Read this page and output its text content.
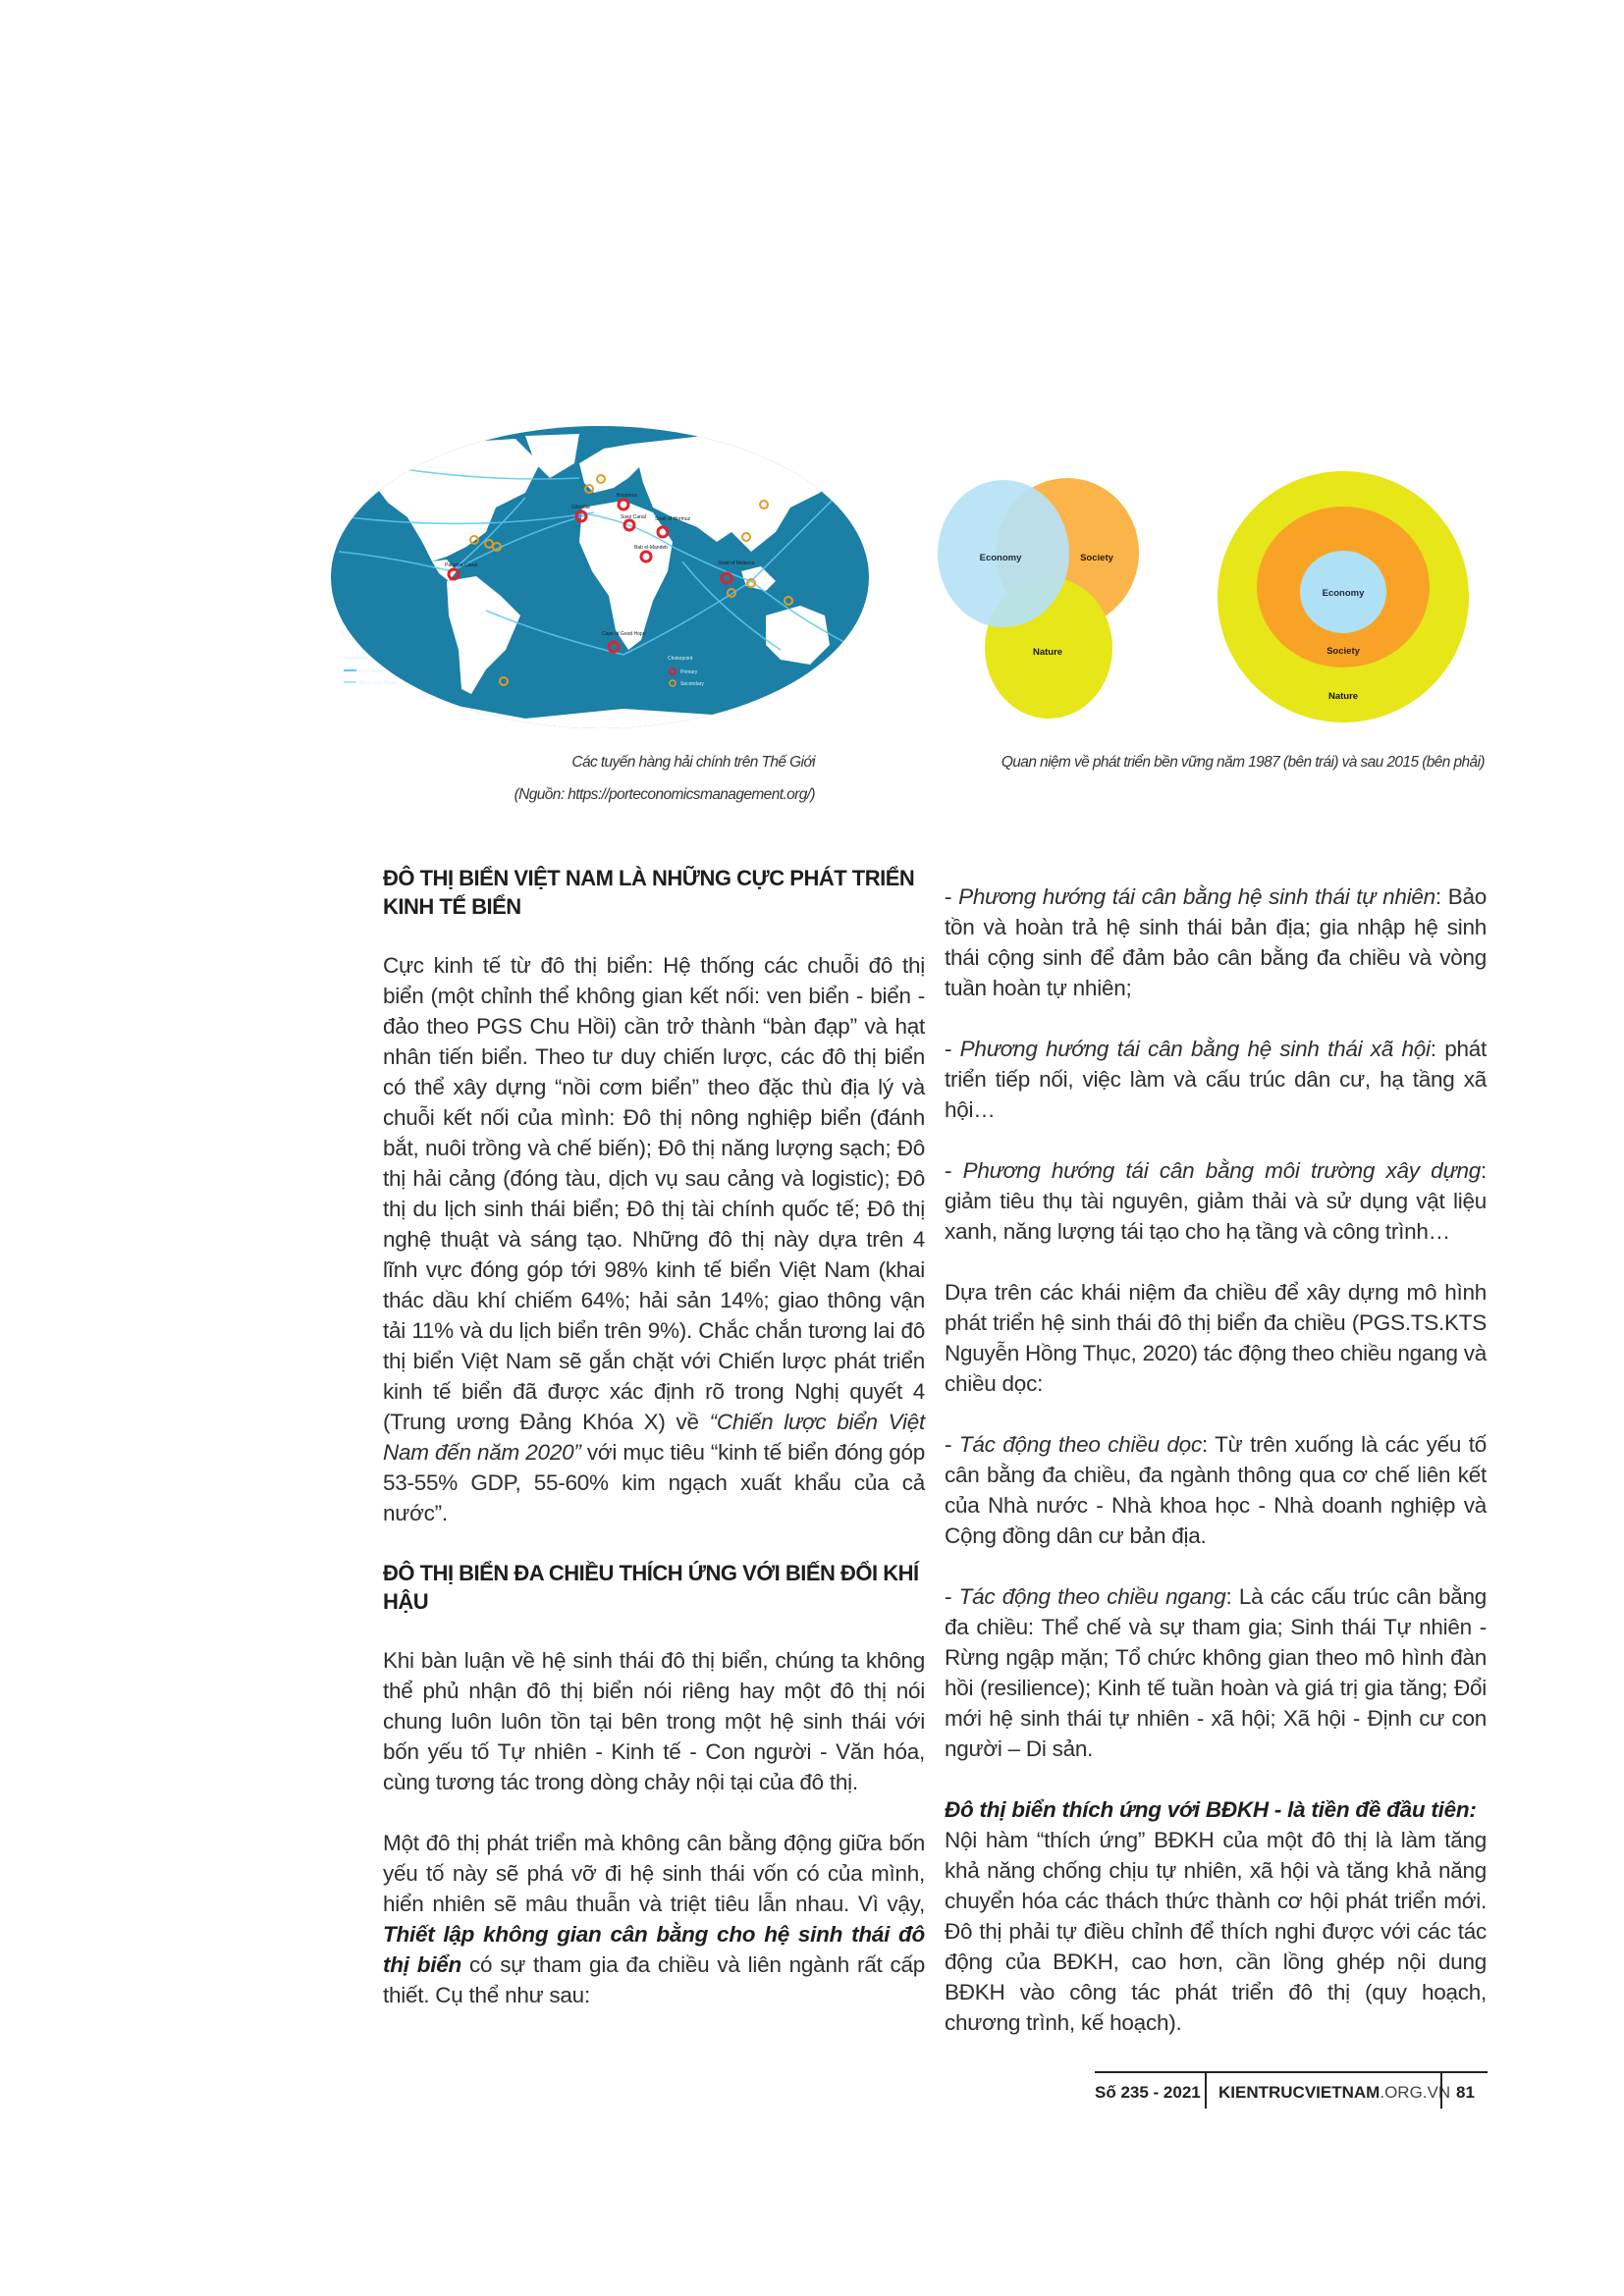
Panama Canal
Gibraltar
Bosporus
Suez Canal Strait of Hormuz
Bab el-Mandeb
Strait of Malacca
Cape of Good Hope
Importance
Core Route
Secondary Route
Chokepoint
Primary
Secondary
Economy	Society
Nature
Economy
Society
Nature
Các tuyến hàng hải chính trên Thế Giới
(Nguồn: https://porteconomicsmanagement.org/)
Quan niệm về phát triển bền vững năm 1987 (bên trái) và sau 2015 (bên phải)
ĐÔ THỊ BIỂN VIỆT NAM LÀ NHỮNG CỰC PHÁT TRIỂN KINH TẾ BIỂN

Cực kinh tế từ đô thị biển: Hệ thống các chuỗi đô thị biển (một chỉnh thể không gian kết nối: ven biển - biển - đảo theo PGS Chu Hồi) cần trở thành “bàn đạp” và hạt nhân tiến biển. Theo tư duy chiến lược, các đô thị biển có thể xây dựng “nồi cơm biển” theo đặc thù địa lý và chuỗi kết nối của mình: Đô thị nông nghiệp biển (đánh bắt, nuôi trồng và chế biến); Đô thị năng lượng sạch; Đô thị hải cảng (đóng tàu, dịch vụ sau cảng và logistic); Đô thị du lịch sinh thái biển; Đô thị tài chính quốc tế; Đô thị nghệ thuật và sáng tạo. Những đô thị này dựa trên 4 lĩnh vực đóng góp tới 98% kinh tế biển Việt Nam (khai thác dầu khí chiếm 64%; hải sản 14%; giao thông vận tải 11% và du lịch biển trên 9%). Chắc chắn tương lai đô thị biển Việt Nam sẽ gắn chặt với Chiến lược phát triển kinh tế biển đã được xác định rõ trong Nghị quyết 4 (Trung ương Đảng Khóa X) về “Chiến lược biển Việt Nam đến năm 2020” với mục tiêu “kinh tế biển đóng góp 53-55% GDP, 55-60% kim ngạch xuất khẩu của cả nước”.

ĐÔ THỊ BIỂN ĐA CHIỀU THÍCH ỨNG VỚI BIẾN ĐỔI KHÍ HẬU

Khi bàn luận về hệ sinh thái đô thị biển, chúng ta không thể phủ nhận đô thị biển nói riêng hay một đô thị nói chung luôn luôn tồn tại bên trong một hệ sinh thái với bốn yếu tố Tự nhiên - Kinh tế - Con người - Văn hóa, cùng tương tác trong dòng chảy nội tại của đô thị.

Một đô thị phát triển mà không cân bằng động giữa bốn yếu tố này sẽ phá vỡ đi hệ sinh thái vốn có của mình, hiển nhiên sẽ mâu thuẫn và triệt tiêu lẫn nhau. Vì vậy, Thiết lập không gian cân bằng cho hệ sinh thái đô thị biển có sự tham gia đa chiều và liên ngành rất cấp thiết. Cụ thể như sau:

- Phương hướng tái cân bằng hệ sinh thái tự nhiên: Bảo tồn và hoàn trả hệ sinh thái bản địa; gia nhập hệ sinh thái cộng sinh để đảm bảo cân bằng đa chiều và vòng tuần hoàn tự nhiên;

- Phương hướng tái cân bằng hệ sinh thái xã hội: phát triển tiếp nối, việc làm và cấu trúc dân cư, hạ tầng xã hội…

- Phương hướng tái cân bằng môi trường xây dựng: giảm tiêu thụ tài nguyên, giảm thải và sử dụng vật liệu xanh, năng lượng tái tạo cho hạ tầng và công trình…

Dựa trên các khái niệm đa chiều để xây dựng mô hình phát triển hệ sinh thái đô thị biển đa chiều (PGS.TS.KTS Nguyễn Hồng Thục, 2020) tác động theo chiều ngang và chiều dọc:

- Tác động theo chiều dọc: Từ trên xuống là các yếu tố cân bằng đa chiều, đa ngành thông qua cơ chế liên kết của Nhà nước - Nhà khoa học - Nhà doanh nghiệp và Cộng đồng dân cư bản địa.

- Tác động theo chiều ngang: Là các cấu trúc cân bằng đa chiều: Thể chế và sự tham gia; Sinh thái Tự nhiên - Rừng ngập mặn; Tổ chức không gian theo mô hình đàn hồi (resilience); Kinh tế tuần hoàn và giá trị gia tăng; Đổi mới hệ sinh thái tự nhiên - xã hội; Xã hội - Định cư con người – Di sản.

Đô thị biển thích ứng với BĐKH - là tiền đề đầu tiên:
Nội hàm “thích ứng” BĐKH của một đô thị là làm tăng khả năng chống chịu tự nhiên, xã hội và tăng khả năng chuyển hóa các thách thức thành cơ hội phát triển mới. Đô thị phải tự điều chỉnh để thích nghi được với các tác động của BĐKH, cao hơn, cần lồng ghép nội dung BĐKH vào công tác phát triển đô thị (quy hoạch, chương trình, kế hoạch).

Số 235 - 2021	KIENTRUCVIETNAM.ORG.VN 81
